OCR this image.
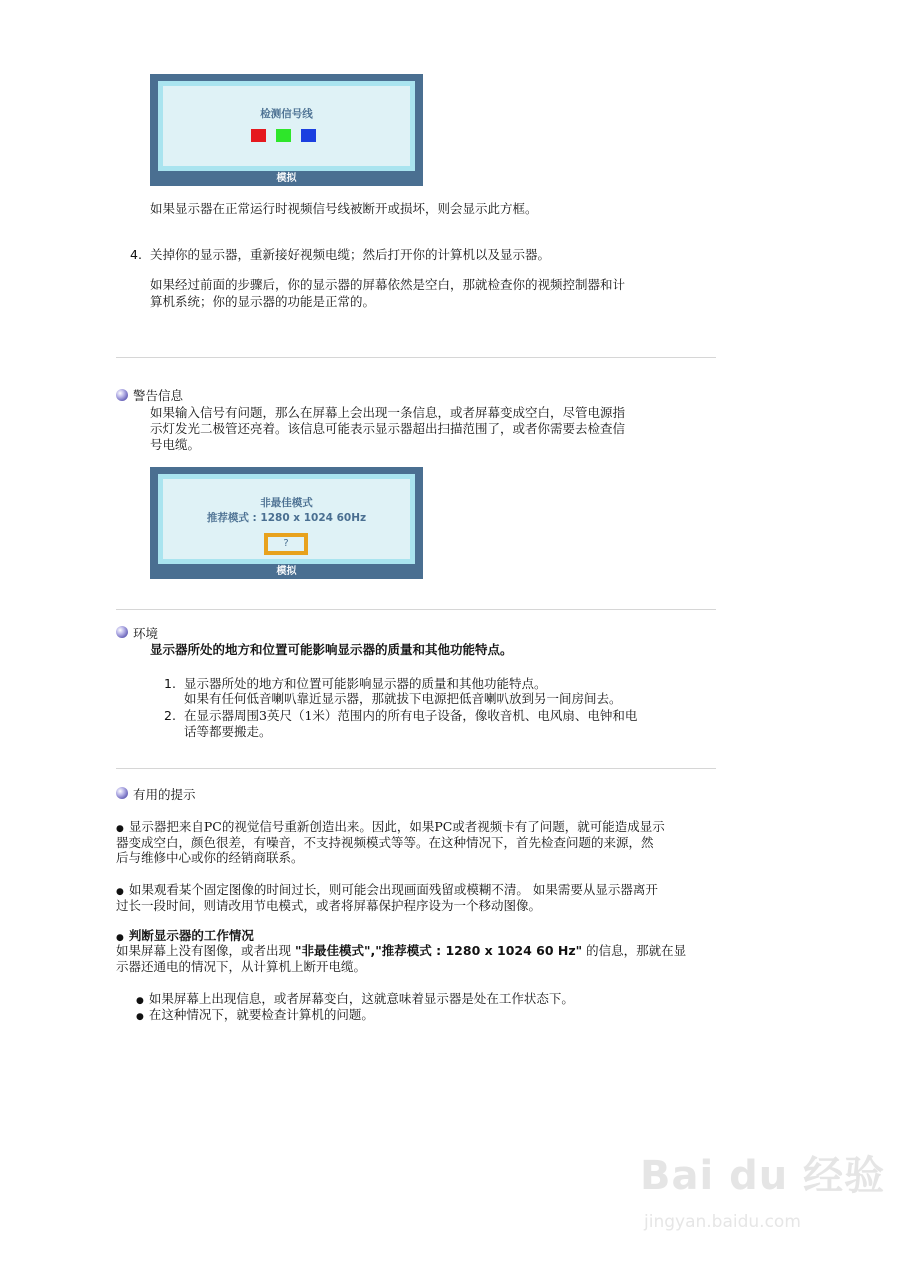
检测信号线
模拟
如果显示器在正常运行时视频信号线被断开或损坏，则会显示此方框。
4. 关掉你的显示器，重新接好视频电缆；然后打开你的计算机以及显示器。
如果经过前面的步骤后，你的显示器的屏幕依然是空白，那就检查你的视频控制器和计
算机系统；你的显示器的功能是正常的。
警告信息
如果输入信号有问题，那么在屏幕上会出现一条信息，或者屏幕变成空白，尽管电源指
示灯发光二极管还亮着。该信息可能表示显示器超出扫描范围了，或者你需要去检查信
号电缆。
非最佳模式
推荐模式 : 1280 x 1024 60Hz
?
模拟
环境
显示器所处的地方和位置可能影响显示器的质量和其他功能特点。
1. 显示器所处的地方和位置可能影响显示器的质量和其他功能特点。
如果有任何低音喇叭靠近显示器，那就拔下电源把低音喇叭放到另一间房间去。
2. 在显示器周围3英尺（1米）范围内的所有电子设备，像收音机、电风扇、电钟和电
话等都要搬走。
有用的提示
● 显示器把来自PC的视觉信号重新创造出来。因此，如果PC或者视频卡有了问题，就可能造成显示
器变成空白，颜色很差，有噪音，不支持视频模式等等。在这种情况下，首先检查问题的来源，然
后与维修中心或你的经销商联系。
● 如果观看某个固定图像的时间过长，则可能会出现画面残留或模糊不清。 如果需要从显示器离开
过长一段时间，则请改用节电模式，或者将屏幕保护程序设为一个移动图像。
● 判断显示器的工作情况
如果屏幕上没有图像，或者出现 "非最佳模式","推荐模式 : 1280 x 1024 60 Hz" 的信息，那就在显
示器还通电的情况下，从计算机上断开电缆。
● 如果屏幕上出现信息，或者屏幕变白，这就意味着显示器是处在工作状态下。
● 在这种情况下，就要检查计算机的问题。
Bai du 经验
jingyan.baidu.com
